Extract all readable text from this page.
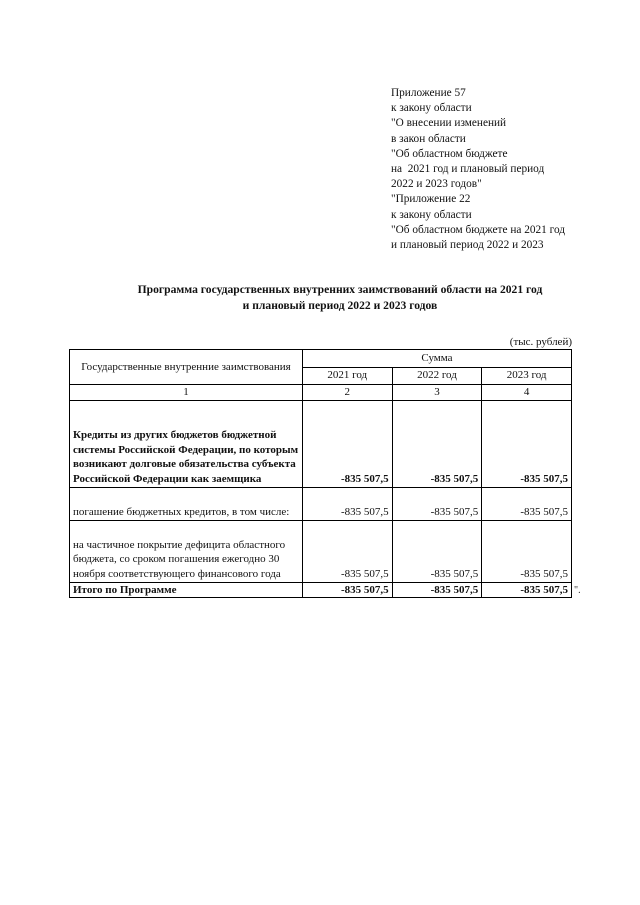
Приложение 57
к закону области
"О внесении изменений
в закон области
"Об областном бюджете
на  2021 год и плановый период
2022 и 2023 годов"
"Приложение 22
к закону области
"Об областном бюджете на 2021 год
и плановый период 2022 и 2023
Программа государственных внутренних заимствований области на 2021 год
и плановый период 2022 и 2023 годов
(тыс. рублей)
Государственные внутренние заимствования	Сумма		
	2021 год	2022 год	2023 год
1	2	3	4
Кредиты из других бюджетов бюджетной системы Российской Федерации, по которым возникают долговые обязательства субъекта Российской Федерации как заемщика	-835 507,5	-835 507,5	-835 507,5
погашение бюджетных кредитов, в том числе:	-835 507,5	-835 507,5	-835 507,5
на частичное покрытие дефицита областного бюджета, со сроком погашения ежегодно 30 ноября соответствующего финансового года	-835 507,5	-835 507,5	-835 507,5
Итого по Программе	-835 507,5	-835 507,5	-835 507,5 ".
